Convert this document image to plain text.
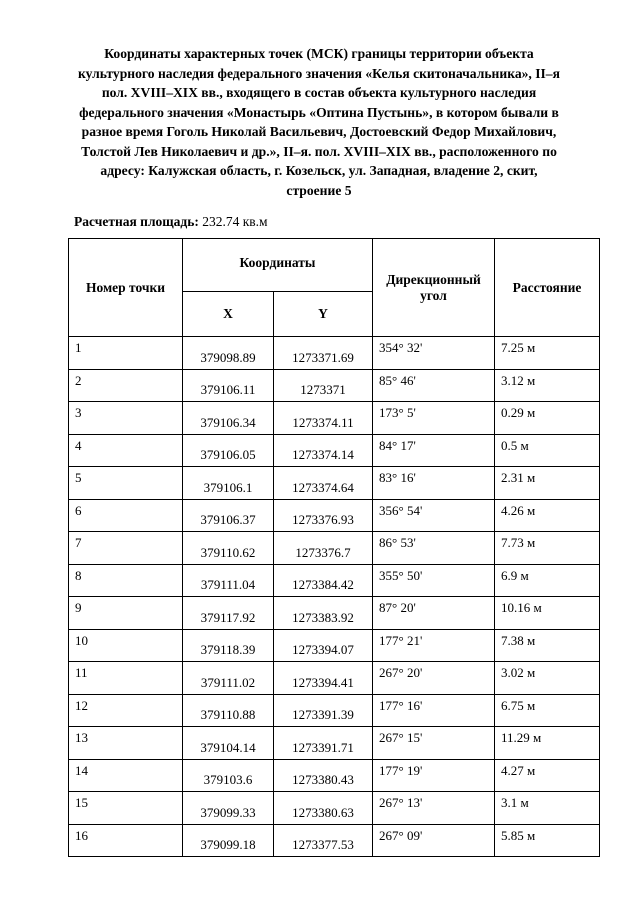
Координаты характерных точек (МСК) границы территории объекта
культурного наследия федерального значения «Келья скитоначальника», II–я
пол. XVIII–XIX вв., входящего в состав объекта культурного наследия
федерального значения «Монастырь «Оптина Пустынь», в котором бывали в
разное время Гоголь Николай Васильевич, Достоевский Федор Михайлович,
Толстой Лев Николаевич и др.», II–я. пол. XVIII–XIX вв., расположенного по
адресу: Калужская область, г. Козельск, ул. Западная, владение 2, скит,
строение 5
Расчетная площадь: 232.74 кв.м
Номер точки	Координаты		Дирекционный угол	Расстояние
	X	Y		
1	379098.89	1273371.69	354° 32'	7.25 м
2	379106.11	1273371	85° 46'	3.12 м
3	379106.34	1273374.11	173° 5'	0.29 м
4	379106.05	1273374.14	84° 17'	0.5 м
5	379106.1	1273374.64	83° 16'	2.31 м
6	379106.37	1273376.93	356° 54'	4.26 м
7	379110.62	1273376.7	86° 53'	7.73 м
8	379111.04	1273384.42	355° 50'	6.9 м
9	379117.92	1273383.92	87° 20'	10.16 м
10	379118.39	1273394.07	177° 21'	7.38 м
11	379111.02	1273394.41	267° 20'	3.02 м
12	379110.88	1273391.39	177° 16'	6.75 м
13	379104.14	1273391.71	267° 15'	11.29 м
14	379103.6	1273380.43	177° 19'	4.27 м
15	379099.33	1273380.63	267° 13'	3.1 м
16	379099.18	1273377.53	267° 09'	5.85 м
